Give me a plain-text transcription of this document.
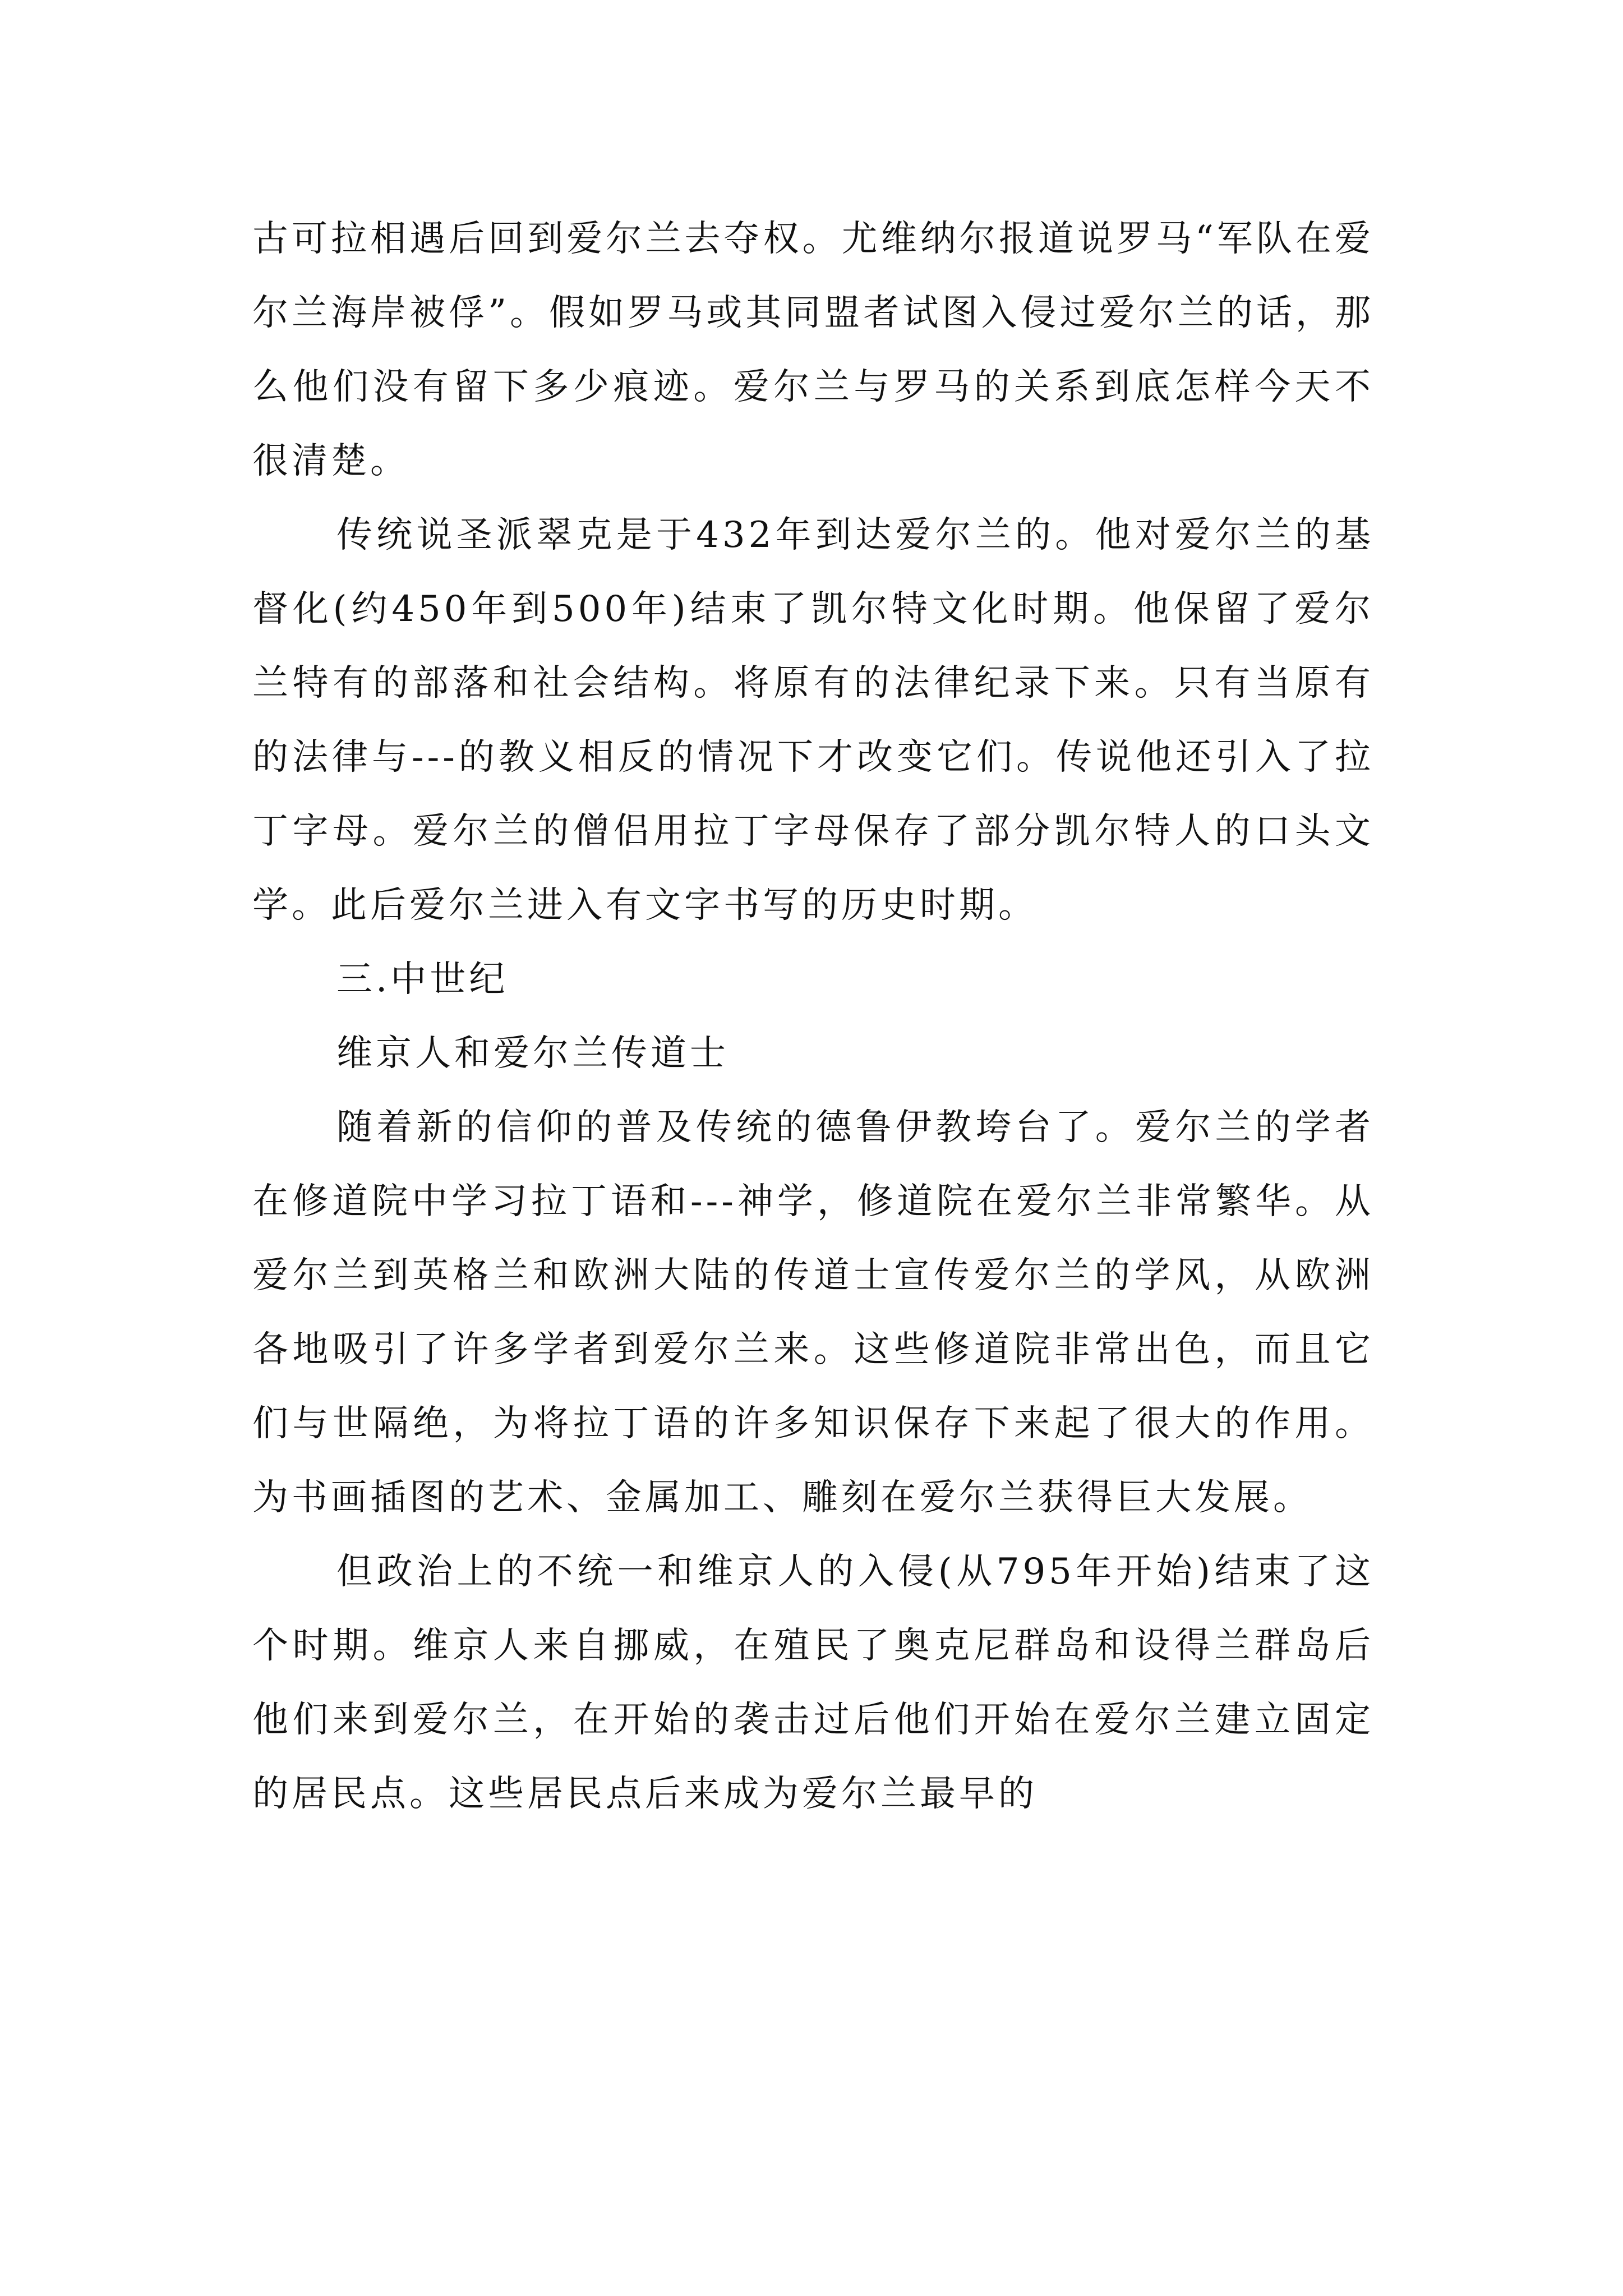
古可拉相遇后回到爱尔兰去夺权。尤维纳尔报道说罗马“军队在爱尔兰海岸被俘”。假如罗马或其同盟者试图入侵过爱尔兰的话，那么他们没有留下多少痕迹。爱尔兰与罗马的关系到底怎样今天不很清楚。

传统说圣派翠克是于432年到达爱尔兰的。他对爱尔兰的基督化(约450年到500年)结束了凯尔特文化时期。他保留了爱尔兰特有的部落和社会结构。将原有的法律纪录下来。只有当原有的法律与---的教义相反的情况下才改变它们。传说他还引入了拉丁字母。爱尔兰的僧侣用拉丁字母保存了部分凯尔特人的口头文学。此后爱尔兰进入有文字书写的历史时期。

三.中世纪

维京人和爱尔兰传道士

随着新的信仰的普及传统的德鲁伊教垮台了。爱尔兰的学者在修道院中学习拉丁语和---神学，修道院在爱尔兰非常繁华。从爱尔兰到英格兰和欧洲大陆的传道士宣传爱尔兰的学风，从欧洲各地吸引了许多学者到爱尔兰来。这些修道院非常出色，而且它们与世隔绝，为将拉丁语的许多知识保存下来起了很大的作用。为书画插图的艺术、金属加工、雕刻在爱尔兰获得巨大发展。

但政治上的不统一和维京人的入侵(从795年开始)结束了这个时期。维京人来自挪威，在殖民了奥克尼群岛和设得兰群岛后他们来到爱尔兰，在开始的袭击过后他们开始在爱尔兰建立固定的居民点。这些居民点后来成为爱尔兰最早的
